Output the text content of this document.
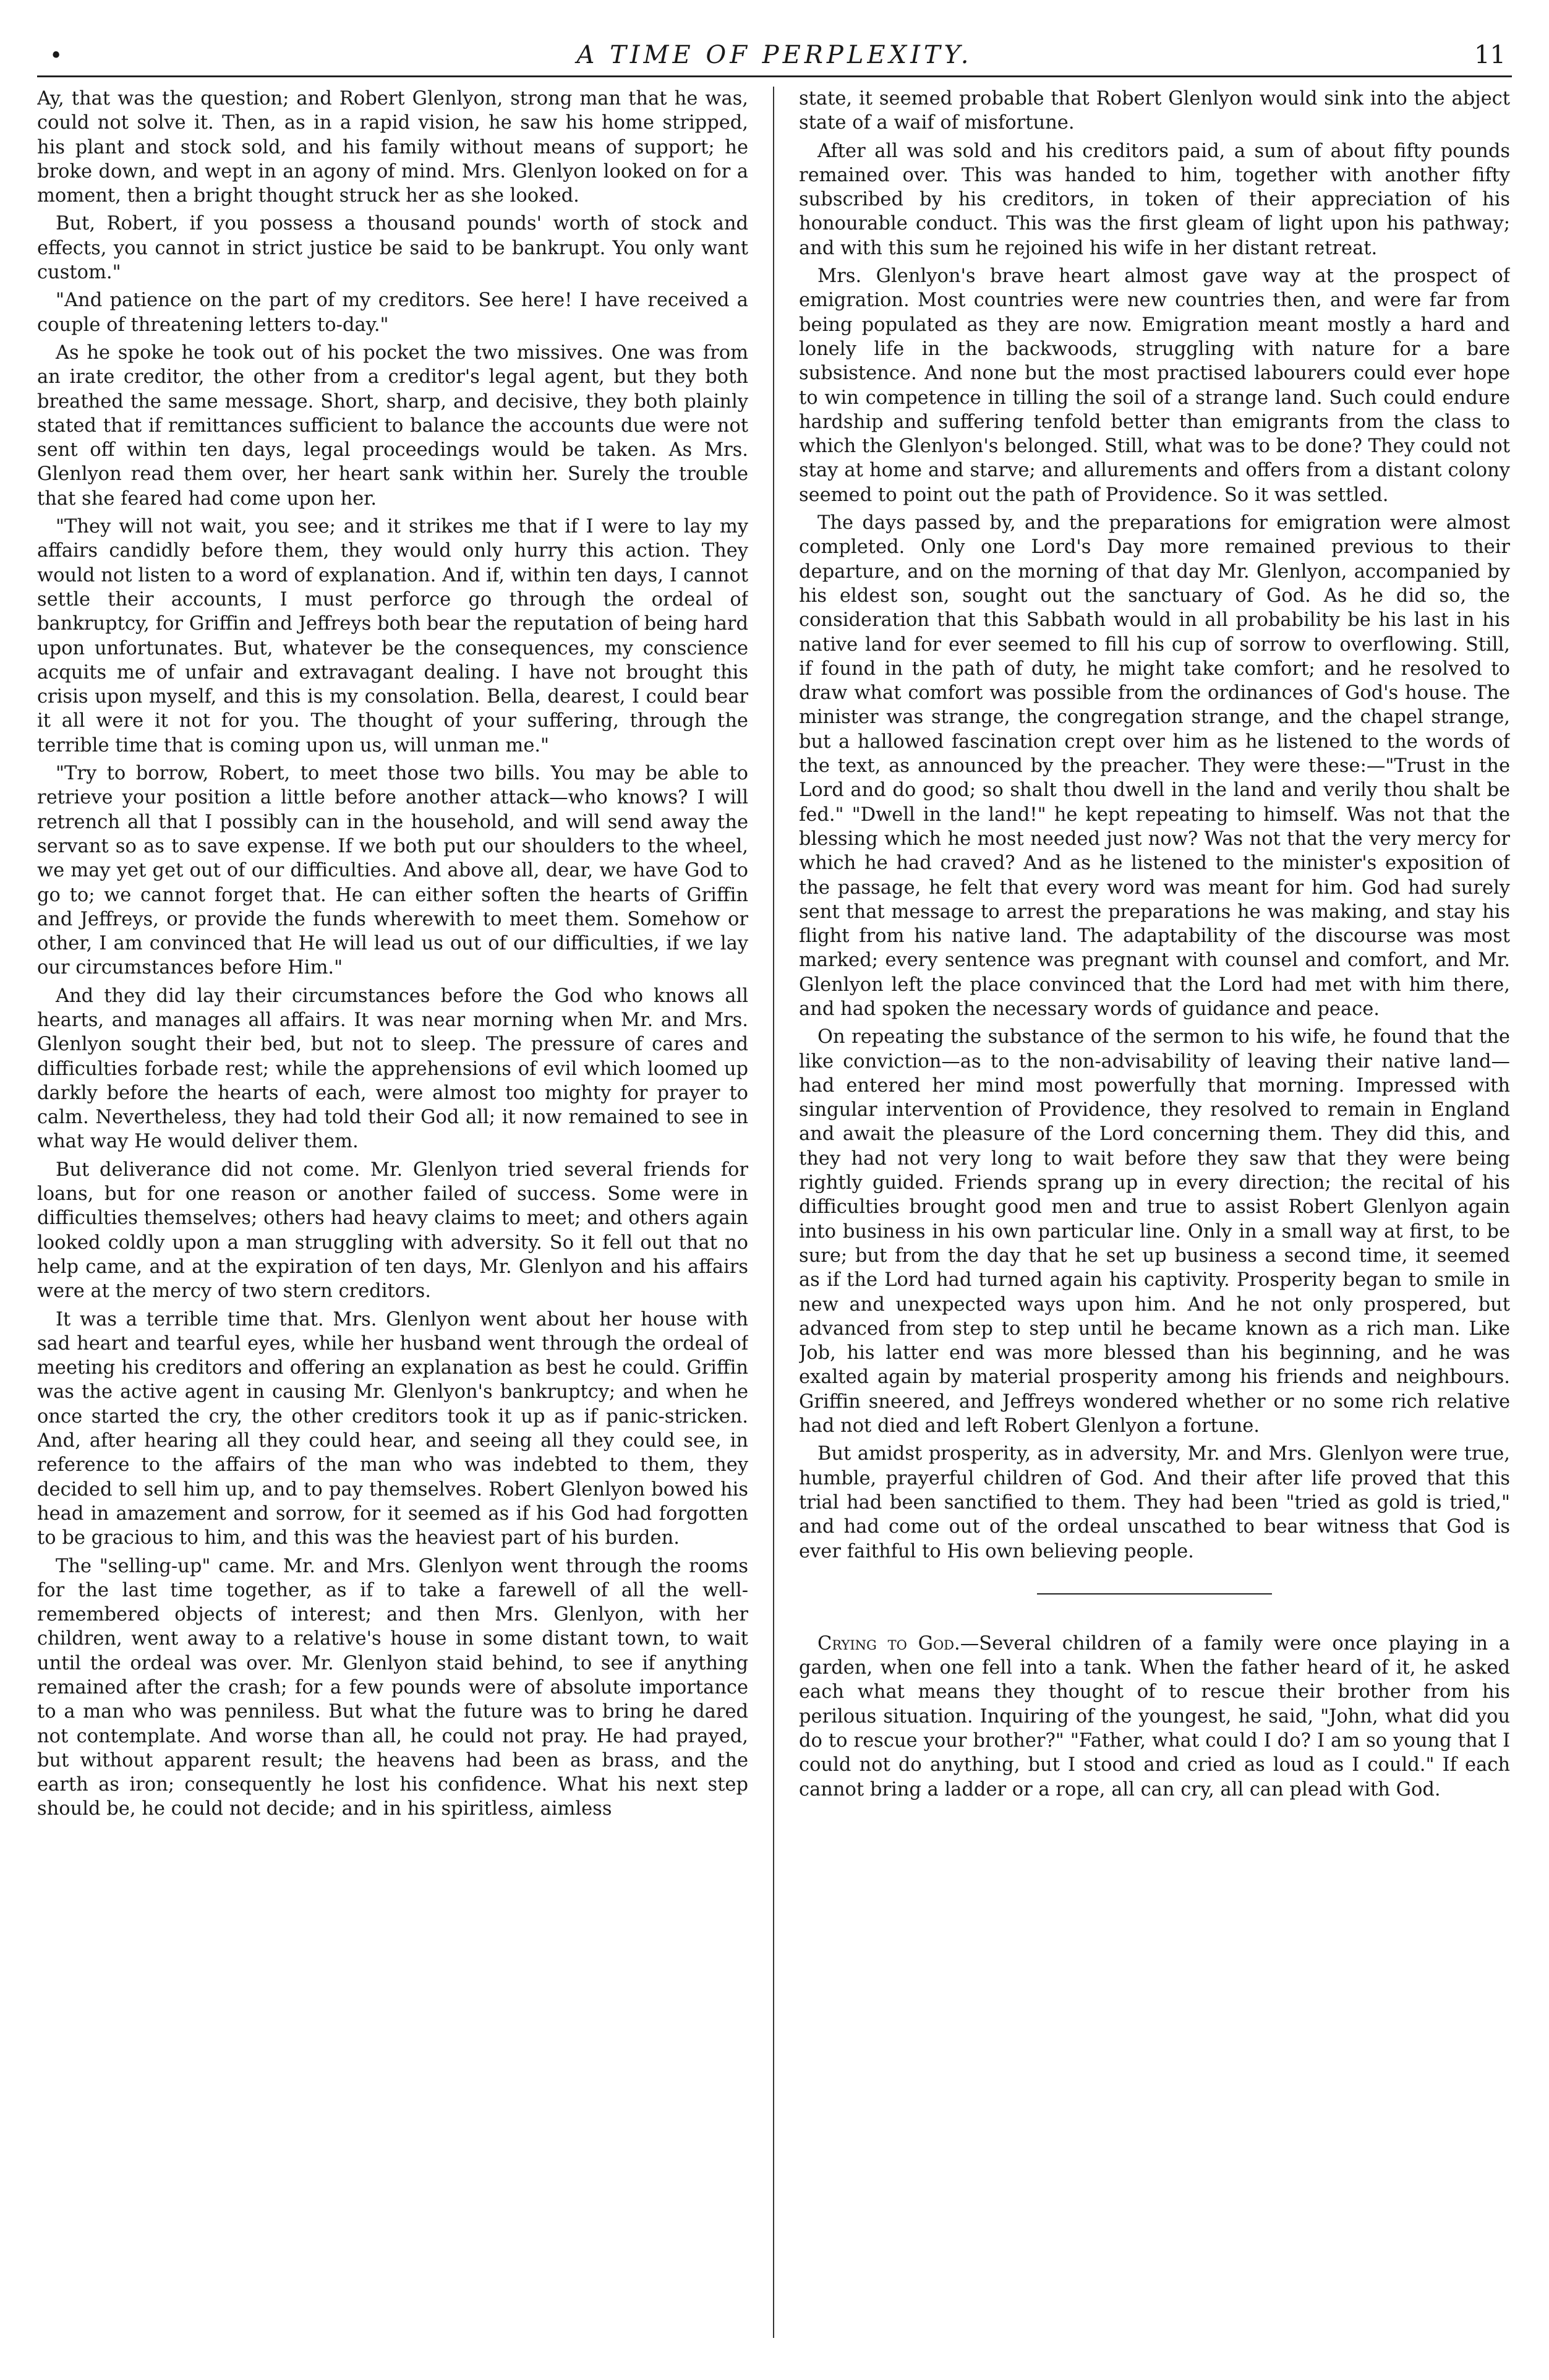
•	A TIME OF PERPLEXITY.	11

Ay, that was the question; and Robert Glenlyon, strong man that he was, could not solve it. Then, as in a rapid vision, he saw his home stripped, his plant and stock sold, and his family without means of support; he broke down, and wept in an agony of mind. Mrs. Glenlyon looked on for a moment, then a bright thought struck her as she looked.

But, Robert, if you possess a thousand pounds' worth of stock and effects, you cannot in strict justice be said to be bankrupt. You only want custom."

"And patience on the part of my creditors. See here! I have received a couple of threatening letters to-day."

As he spoke he took out of his pocket the two missives. One was from an irate creditor, the other from a creditor's legal agent, but they both breathed the same message. Short, sharp, and decisive, they both plainly stated that if remittances sufficient to balance the accounts due were not sent off within ten days, legal proceedings would be taken. As Mrs. Glenlyon read them over, her heart sank within her. Surely the trouble that she feared had come upon her.

"They will not wait, you see; and it strikes me that if I were to lay my affairs candidly before them, they would only hurry this action. They would not listen to a word of explanation. And if, within ten days, I cannot settle their accounts, I must perforce go through the ordeal of bankruptcy, for Griffin and Jeffreys both bear the reputation of being hard upon unfortunates. But, whatever be the consequences, my conscience acquits me of unfair and extravagant dealing. I have not brought this crisis upon myself, and this is my consolation. Bella, dearest, I could bear it all were it not for you. The thought of your suffering, through the terrible time that is coming upon us, will unman me."

"Try to borrow, Robert, to meet those two bills. You may be able to retrieve your position a little before another attack—who knows? I will retrench all that I possibly can in the household, and will send away the servant so as to save expense. If we both put our shoulders to the wheel, we may yet get out of our difficulties. And above all, dear, we have God to go to; we cannot forget that. He can either soften the hearts of Griffin and Jeffreys, or provide the funds wherewith to meet them. Somehow or other, I am convinced that He will lead us out of our difficulties, if we lay our circumstances before Him."

And they did lay their circumstances before the God who knows all hearts, and manages all affairs. It was near morning when Mr. and Mrs. Glenlyon sought their bed, but not to sleep. The pressure of cares and difficulties forbade rest; while the apprehensions of evil which loomed up darkly before the hearts of each, were almost too mighty for prayer to calm. Nevertheless, they had told their God all; it now remained to see in what way He would deliver them.

But deliverance did not come. Mr. Glenlyon tried several friends for loans, but for one reason or another failed of success. Some were in difficulties themselves; others had heavy claims to meet; and others again looked coldly upon a man struggling with adversity. So it fell out that no help came, and at the expiration of ten days, Mr. Glenlyon and his affairs were at the mercy of two stern creditors.

It was a terrible time that. Mrs. Glenlyon went about her house with sad heart and tearful eyes, while her husband went through the ordeal of meeting his creditors and offering an explanation as best he could. Griffin was the active agent in causing Mr. Glenlyon's bankruptcy; and when he once started the cry, the other creditors took it up as if panic-stricken. And, after hearing all they could hear, and seeing all they could see, in reference to the affairs of the man who was indebted to them, they decided to sell him up, and to pay themselves. Robert Glenlyon bowed his head in amazement and sorrow, for it seemed as if his God had forgotten to be gracious to him, and this was the heaviest part of his burden.

The "selling-up" came. Mr. and Mrs. Glenlyon went through the rooms for the last time together, as if to take a farewell of all the well-remembered objects of interest; and then Mrs. Glenlyon, with her children, went away to a relative's house in some distant town, to wait until the ordeal was over. Mr. Glenlyon staid behind, to see if anything remained after the crash; for a few pounds were of absolute importance to a man who was penniless. But what the future was to bring he dared not contemplate. And worse than all, he could not pray. He had prayed, but without apparent result; the heavens had been as brass, and the earth as iron; consequently he lost his confidence. What his next step should be, he could not decide; and in his spiritless, aimless

state, it seemed probable that Robert Glenlyon would sink into the abject state of a waif of misfortune.

After all was sold and his creditors paid, a sum of about fifty pounds remained over. This was handed to him, together with another fifty subscribed by his creditors, in token of their appreciation of his honourable conduct. This was the first gleam of light upon his pathway; and with this sum he rejoined his wife in her distant retreat.

Mrs. Glenlyon's brave heart almost gave way at the prospect of emigration. Most countries were new countries then, and were far from being populated as they are now. Emigration meant mostly a hard and lonely life in the backwoods, struggling with nature for a bare subsistence. And none but the most practised labourers could ever hope to win competence in tilling the soil of a strange land. Such could endure hardship and suffering tenfold better than emigrants from the class to which the Glenlyon's belonged. Still, what was to be done? They could not stay at home and starve; and allurements and offers from a distant colony seemed to point out the path of Providence. So it was settled.

The days passed by, and the preparations for emigration were almost completed. Only one Lord's Day more remained previous to their departure, and on the morning of that day Mr. Glenlyon, accompanied by his eldest son, sought out the sanctuary of God. As he did so, the consideration that this Sabbath would in all probability be his last in his native land for ever seemed to fill his cup of sorrow to overflowing. Still, if found in the path of duty, he might take comfort; and he resolved to draw what comfort was possible from the ordinances of God's house. The minister was strange, the congregation strange, and the chapel strange, but a hallowed fascination crept over him as he listened to the words of the text, as announced by the preacher. They were these:—"Trust in the Lord and do good; so shalt thou dwell in the land and verily thou shalt be fed." "Dwell in the land!" he kept repeating to himself. Was not that the blessing which he most needed just now? Was not that the very mercy for which he had craved? And as he listened to the minister's exposition of the passage, he felt that every word was meant for him. God had surely sent that message to arrest the preparations he was making, and stay his flight from his native land. The adaptability of the discourse was most marked; every sentence was pregnant with counsel and comfort, and Mr. Glenlyon left the place convinced that the Lord had met with him there, and had spoken the necessary words of guidance and peace.

On repeating the substance of the sermon to his wife, he found that the like conviction—as to the non-advisability of leaving their native land—had entered her mind most powerfully that morning. Impressed with singular intervention of Providence, they resolved to remain in England and await the pleasure of the Lord concerning them. They did this, and they had not very long to wait before they saw that they were being rightly guided. Friends sprang up in every direction; the recital of his difficulties brought good men and true to assist Robert Glenlyon again into business in his own particular line. Only in a small way at first, to be sure; but from the day that he set up business a second time, it seemed as if the Lord had turned again his captivity. Prosperity began to smile in new and unexpected ways upon him. And he not only prospered, but advanced from step to step until he became known as a rich man. Like Job, his latter end was more blessed than his beginning, and he was exalted again by material prosperity among his friends and neighbours. Griffin sneered, and Jeffreys wondered whether or no some rich relative had not died and left Robert Glenlyon a fortune.

But amidst prosperity, as in adversity, Mr. and Mrs. Glenlyon were true, humble, prayerful children of God. And their after life proved that this trial had been sanctified to them. They had been "tried as gold is tried," and had come out of the ordeal unscathed to bear witness that God is ever faithful to His own believing people.

Crying to God.—Several children of a family were once playing in a garden, when one fell into a tank. When the father heard of it, he asked each what means they thought of to rescue their brother from his perilous situation. Inquiring of the youngest, he said, "John, what did you do to rescue your brother?" "Father, what could I do? I am so young that I could not do anything, but I stood and cried as loud as I could." If each cannot bring a ladder or a rope, all can cry, all can plead with God.
